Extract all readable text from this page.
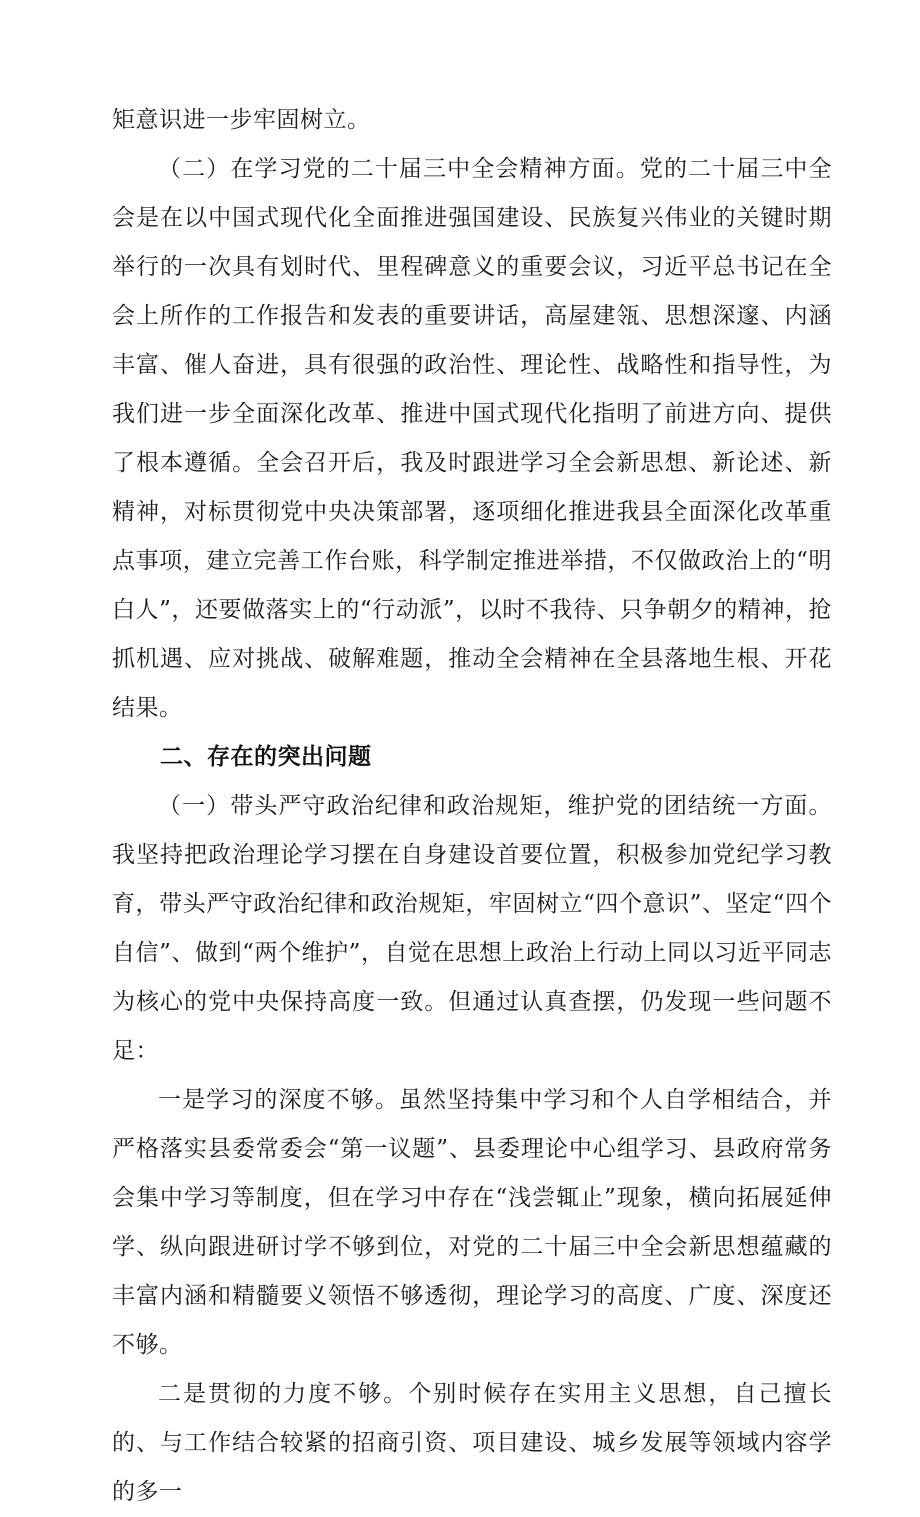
矩意识进一步牢固树立。

（二）在学习党的二十届三中全会精神方面。党的二十届三中全会是在以中国式现代化全面推进强国建设、民族复兴伟业的关键时期举行的一次具有划时代、里程碑意义的重要会议，习近平总书记在全会上所作的工作报告和发表的重要讲话，高屋建瓴、思想深邃、内涵丰富、催人奋进，具有很强的政治性、理论性、战略性和指导性，为我们进一步全面深化改革、推进中国式现代化指明了前进方向、提供了根本遵循。全会召开后，我及时跟进学习全会新思想、新论述、新精神，对标贯彻党中央决策部署，逐项细化推进我县全面深化改革重点事项，建立完善工作台账，科学制定推进举措，不仅做政治上的“明白人”，还要做落实上的“行动派”，以时不我待、只争朝夕的精神，抢抓机遇、应对挑战、破解难题，推动全会精神在全县落地生根、开花结果。

二、存在的突出问题

（一）带头严守政治纪律和政治规矩，维护党的团结统一方面。我坚持把政治理论学习摆在自身建设首要位置，积极参加党纪学习教育，带头严守政治纪律和政治规矩，牢固树立“四个意识”、坚定“四个自信”、做到“两个维护”，自觉在思想上政治上行动上同以习近平同志为核心的党中央保持高度一致。但通过认真查摆，仍发现一些问题不足：

一是学习的深度不够。虽然坚持集中学习和个人自学相结合，并严格落实县委常委会“第一议题”、县委理论中心组学习、县政府常务会集中学习等制度，但在学习中存在“浅尝辄止”现象，横向拓展延伸学、纵向跟进研讨学不够到位，对党的二十届三中全会新思想蕴藏的丰富内涵和精髓要义领悟不够透彻，理论学习的高度、广度、深度还不够。

二是贯彻的力度不够。个别时候存在实用主义思想，自己擅长的、与工作结合较紧的招商引资、项目建设、城乡发展等领域内容学的多一
